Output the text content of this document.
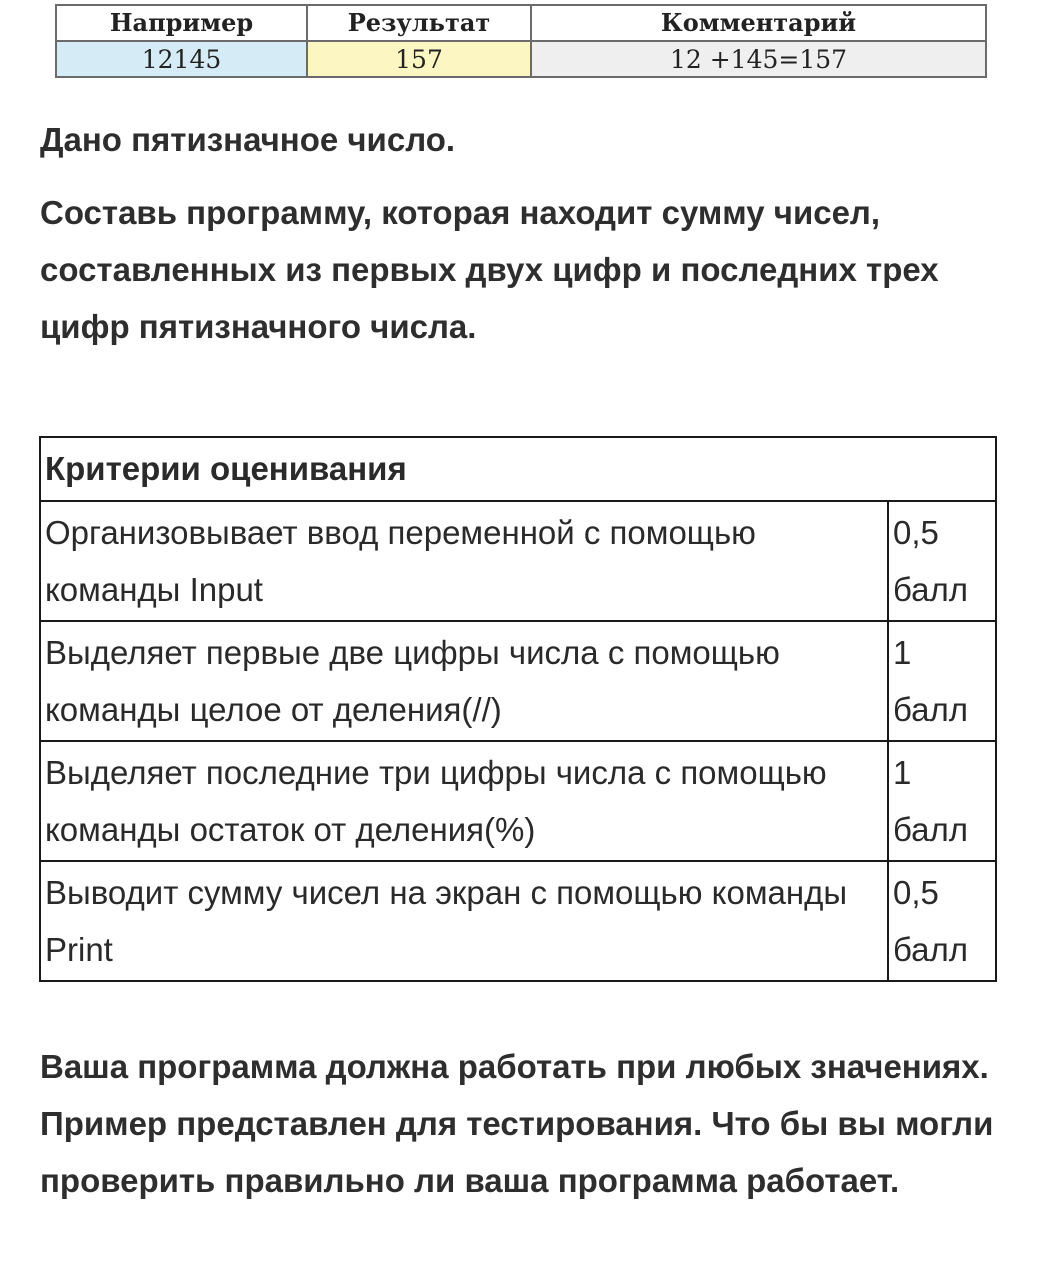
Например	Результат	Комментарий
12145	157	12 +145=157

Дано пятизначное число.

Составь программу, которая находит сумму чисел, составленных из первых двух цифр и последних трех цифр пятизначного числа.

Критерии оценивания	
Организовывает ввод переменной с помощью команды Input	0,5 балл
Выделяет первые две цифры числа с помощью команды целое от деления(//)	1 балл
Выделяет последние три цифры числа с помощью команды остаток от деления(%)	1 балл
Выводит сумму чисел на экран с помощью команды Print	0,5 балл

Ваша программа должна работать при любых значениях. Пример представлен для тестирования. Что бы вы могли проверить правильно ли ваша программа работает.
